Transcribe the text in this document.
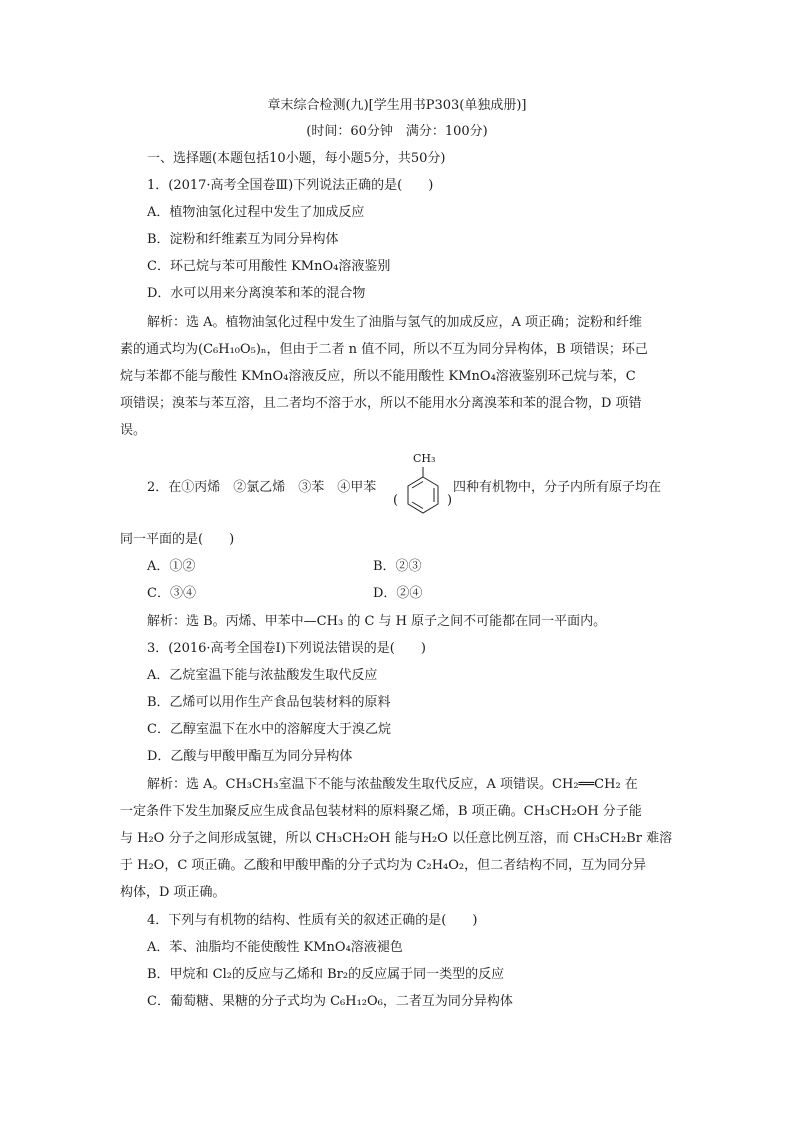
章末综合检测(九)[学生用书P303(单独成册)]
(时间：60分钟　满分：100分)
一、选择题(本题包括10小题，每小题5分，共50分)
1．(2017·高考全国卷Ⅲ)下列说法正确的是(　　)
A．植物油氢化过程中发生了加成反应
B．淀粉和纤维素互为同分异构体
C．环己烷与苯可用酸性 KMnO₄溶液鉴别
D．水可以用来分离溴苯和苯的混合物
解析：选 A。植物油氢化过程中发生了油脂与氢气的加成反应，A 项正确；淀粉和纤维
素的通式均为(C₆H₁₀O₅)ₙ，但由于二者 n 值不同，所以不互为同分异构体，B 项错误；环己
烷与苯都不能与酸性 KMnO₄溶液反应，所以不能用酸性 KMnO₄溶液鉴别环己烷与苯，C
项错误；溴苯与苯互溶，且二者均不溶于水，所以不能用水分离溴苯和苯的混合物，D 项错
误。
2．在①丙烯　②氯乙烯　③苯　④甲苯
(
CH₃
)
四种有机物中，分子内所有原子均在
同一平面的是(　　)
A．①②	B．②③
C．③④	D．②④
解析：选 B。丙烯、甲苯中—CH₃ 的 C 与 H 原子之间不可能都在同一平面内。
3．(2016·高考全国卷Ⅰ)下列说法错误的是(　　)
A．乙烷室温下能与浓盐酸发生取代反应
B．乙烯可以用作生产食品包装材料的原料
C．乙醇室温下在水中的溶解度大于溴乙烷
D．乙酸与甲酸甲酯互为同分异构体
解析：选 A。CH₃CH₃室温下不能与浓盐酸发生取代反应，A 项错误。CH₂══CH₂ 在
一定条件下发生加聚反应生成食品包装材料的原料聚乙烯，B 项正确。CH₃CH₂OH 分子能
与 H₂O 分子之间形成氢键，所以 CH₃CH₂OH 能与H₂O 以任意比例互溶，而 CH₃CH₂Br 难溶
于 H₂O，C 项正确。乙酸和甲酸甲酯的分子式均为 C₂H₄O₂，但二者结构不同，互为同分异
构体，D 项正确。
4．下列与有机物的结构、性质有关的叙述正确的是(　　)
A．苯、油脂均不能使酸性 KMnO₄溶液褪色
B．甲烷和 Cl₂的反应与乙烯和 Br₂的反应属于同一类型的反应
C．葡萄糖、果糖的分子式均为 C₆H₁₂O₆，二者互为同分异构体
